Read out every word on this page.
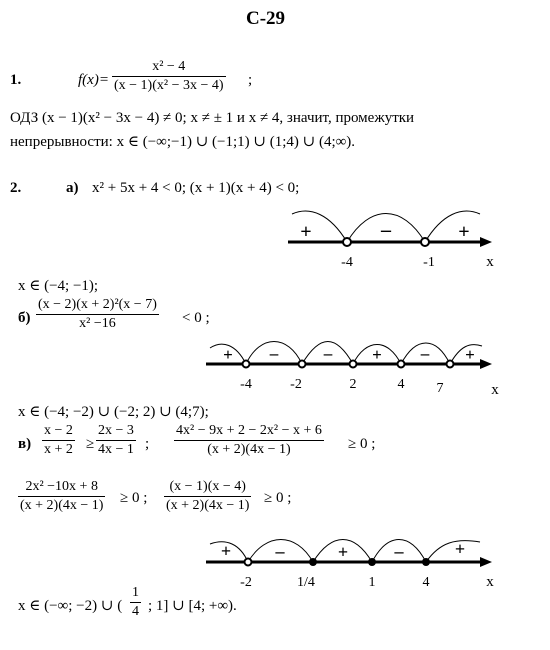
С-29
1.	f(x)=
x² − 4
(x − 1)(x² − 3x − 4) ;
ОДЗ (x − 1)(x² − 3x − 4) ≠ 0; x ≠ ± 1 и x ≠ 4, значит, промежутки
непрерывности: x ∈ (−∞;−1) ∪ (−1;1) ∪ (1;4) ∪ (4;∞).
2.	а) x² + 5x + 4 < 0; (x + 1)(x + 4) < 0;
+	–	+
-4	-1	x
x ∈ (−4; −1);
б)
(x − 2)(x + 2)²(x − 7)
x² −16	< 0 ;
+ –	– + – +
-4	-2	2	4 7	x
x ∈ (−4; −2) ∪ (−2; 2) ∪ (4;7);
в)
x − 2
x + 2 ≥
2x − 3
4x − 1 ;
4x² − 9x + 2 − 2x² − x + 6
(x + 2)(4x − 1)	≥ 0 ;
2x² −10x + 8
(x + 2)(4x − 1) ≥ 0 ;
(x − 1)(x − 4)
(x + 2)(4x − 1) ≥ 0 ;
+ –	+	–	+
-2	1/4	1	4	x
x ∈ (−∞; −2) ∪ (
1
4 ; 1] ∪ [4; +∞).
